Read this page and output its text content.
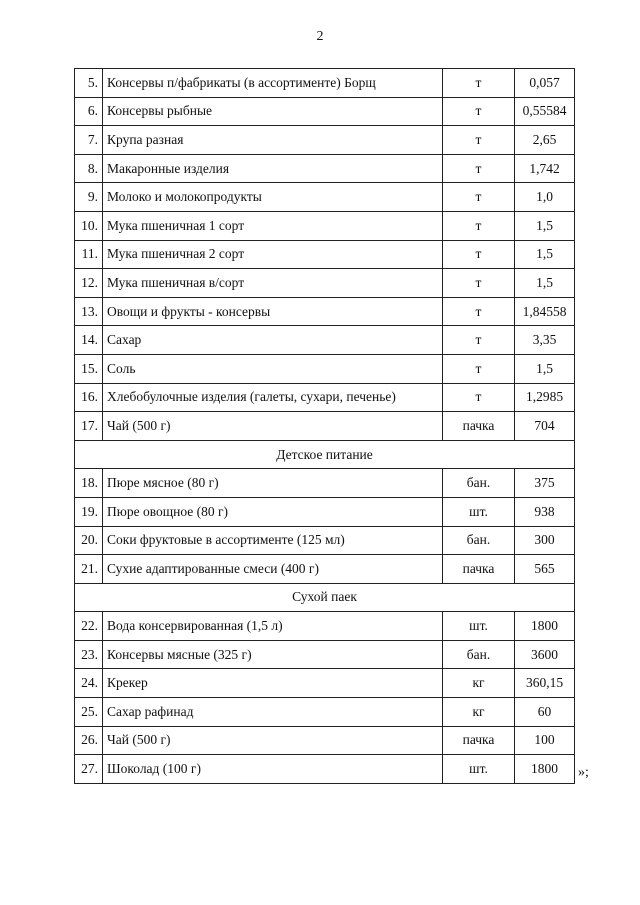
2
5.	Консервы п/фабрикаты (в ассортименте) Борщ	т	0,057
6.	Консервы рыбные	т	0,55584
7.	Крупа разная	т	2,65
8.	Макаронные изделия	т	1,742
9.	Молоко и молокопродукты	т	1,0
10.	Мука пшеничная 1 сорт	т	1,5
11.	Мука пшеничная 2 сорт	т	1,5
12.	Мука пшеничная в/сорт	т	1,5
13.	Овощи и фрукты - консервы	т	1,84558
14.	Сахар	т	3,35
15.	Соль	т	1,5
16.	Хлебобулочные изделия (галеты, сухари, печенье)	т	1,2985
17.	Чай (500 г)	пачка	704
Детское питание			
18.	Пюре мясное (80 г)	бан.	375
19.	Пюре овощное (80 г)	шт.	938
20.	Соки фруктовые в ассортименте (125 мл)	бан.	300
21.	Сухие адаптированные смеси (400 г)	пачка	565
Сухой паек			
22.	Вода консервированная (1,5 л)	шт.	1800
23.	Консервы мясные (325 г)	бан.	3600
24.	Крекер	кг	360,15
25.	Сахар рафинад	кг	60
26.	Чай (500 г)	пачка	100
27.	Шоколад (100 г)	шт.	1800 »;
